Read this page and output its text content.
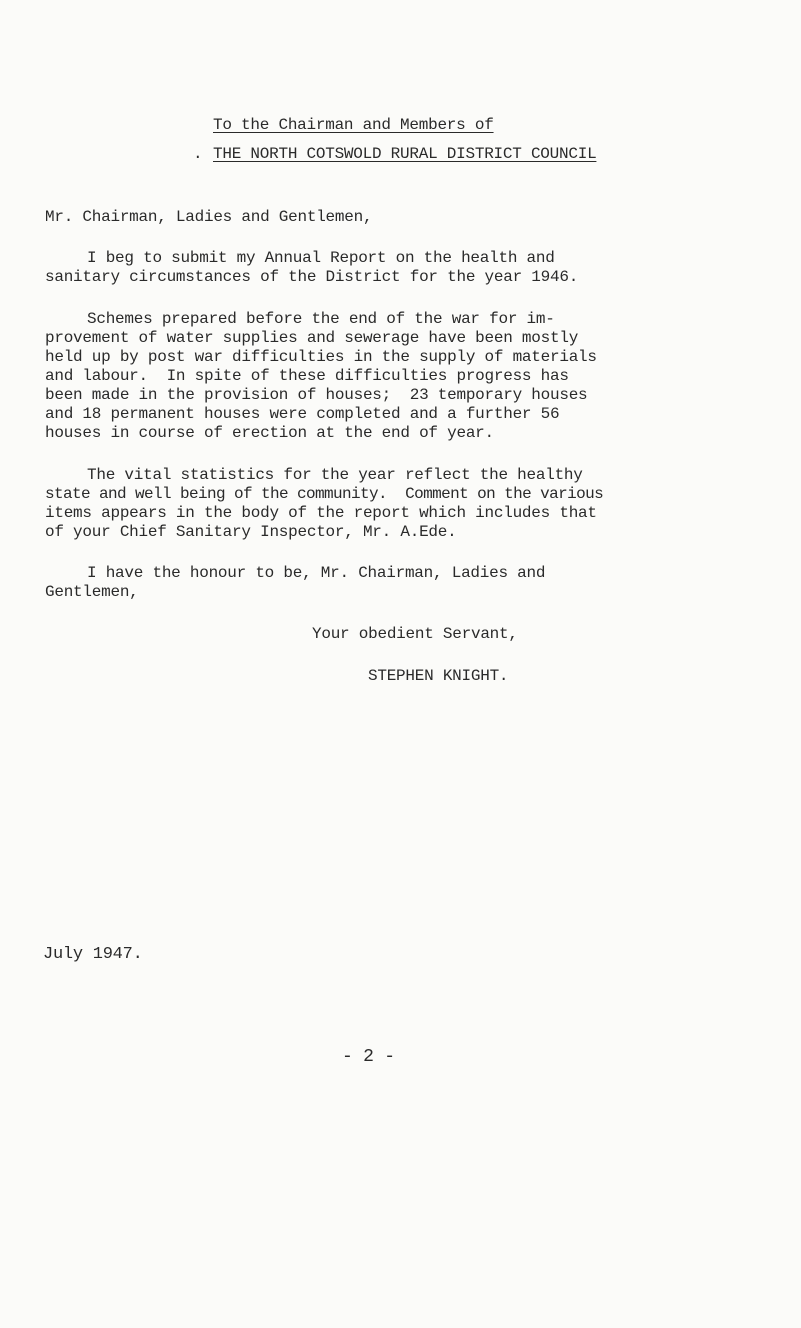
To the Chairman and Members of
. THE NORTH COTSWOLD RURAL DISTRICT COUNCIL
Mr. Chairman, Ladies and Gentlemen,
I beg to submit my Annual Report on the health and
sanitary circumstances of the District for the year 1946.
Schemes prepared before the end of the war for im-
provement of water supplies and sewerage have been mostly
held up by post war difficulties in the supply of materials
and labour.  In spite of these difficulties progress has
been made in the provision of houses;  23 temporary houses
and 18 permanent houses were completed and a further 56
houses in course of erection at the end of year.
The vital statistics for the year reflect the healthy
state and well being of the community.  Comment on the various
items appears in the body of the report which includes that
of your Chief Sanitary Inspector, Mr. A.Ede.
I have the honour to be, Mr. Chairman, Ladies and
Gentlemen,
Your obedient Servant,
STEPHEN KNIGHT.
July 1947.
- 2 -
